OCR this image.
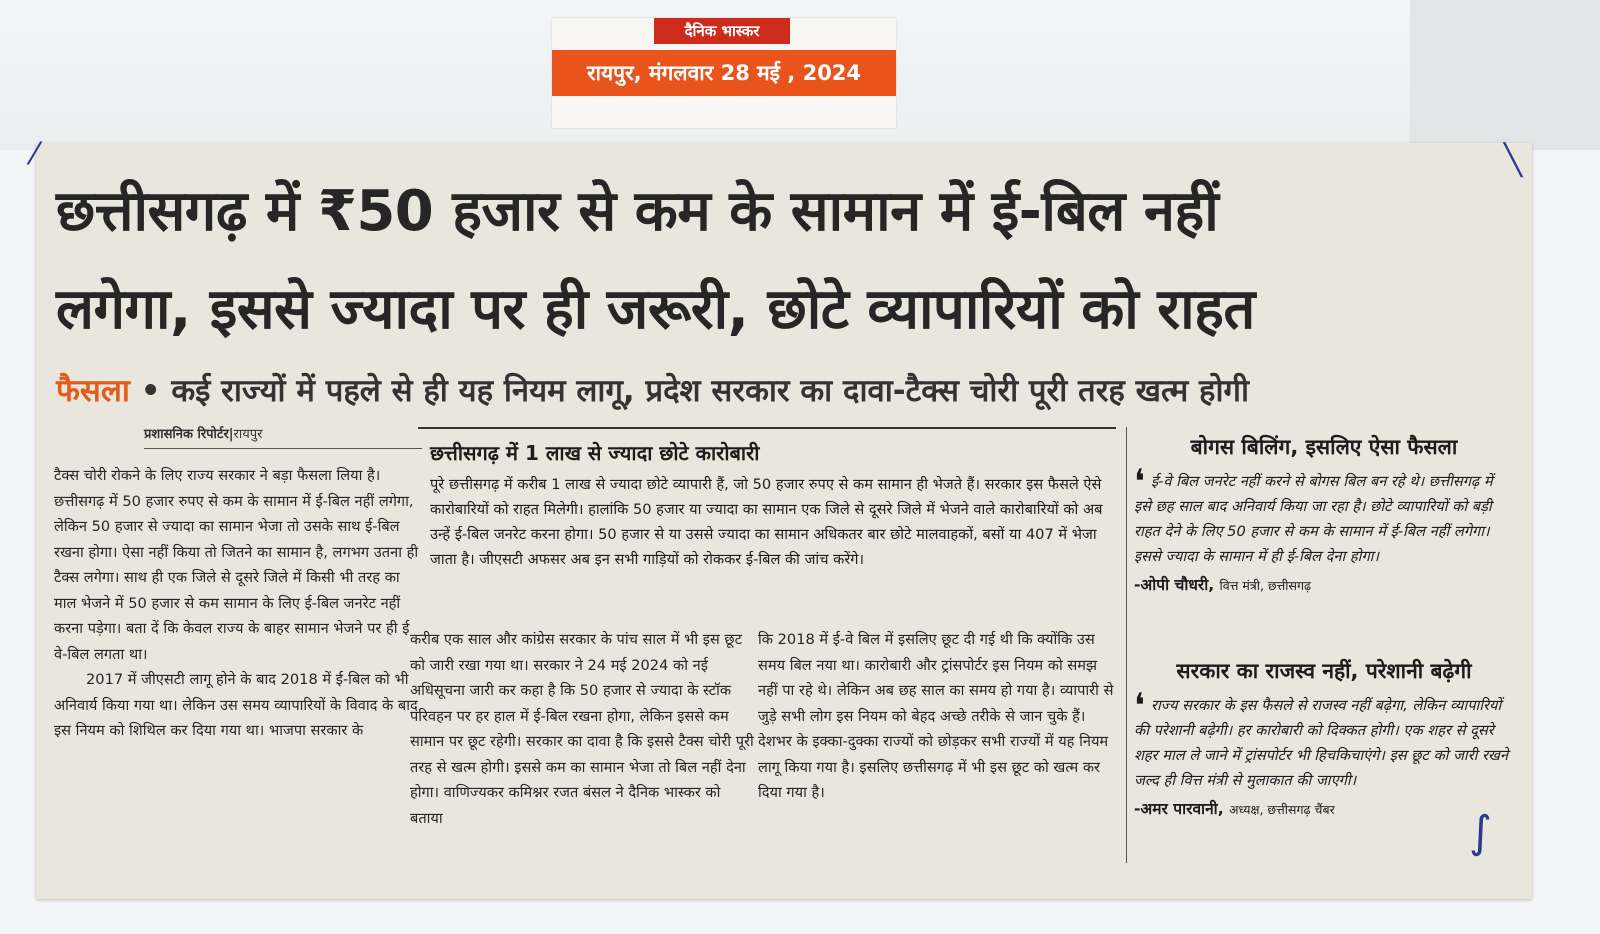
दैनिक भास्कर
रायपुर, मंगलवार 28 मई , 2024
⁄	╲
∫
छत्तीसगढ़ में ₹50 हजार से कम के सामान में ई-बिल नहीं
लगेगा, इससे ज्यादा पर ही जरूरी, छोटे व्यापारियों को राहत
फैसला • कई राज्यों में पहले से ही यह नियम लागू, प्रदेश सरकार का दावा-टैक्स चोरी पूरी तरह खत्म होगी
प्रशासनिक रिपोर्टर|रायपुर

टैक्स चोरी रोकने के लिए राज्य सरकार ने बड़ा फैसला लिया है। छत्तीसगढ़ में 50 हजार रुपए से कम के सामान में ई-बिल नहीं लगेगा, लेकिन 50 हजार से ज्यादा का सामान भेजा तो उसके साथ ई-बिल रखना होगा। ऐसा नहीं किया तो जितने का सामान है, लगभग उतना ही टैक्स लगेगा। साथ ही एक जिले से दूसरे जिले में किसी भी तरह का माल भेजने में 50 हजार से कम सामान के लिए ई-बिल जनरेट नहीं करना पड़ेगा। बता दें कि केवल राज्य के बाहर सामान भेजने पर ही ई वे-बिल लगता था।

2017 में जीएसटी लागू होने के बाद 2018 में ई-बिल को भी अनिवार्य किया गया था। लेकिन उस समय व्यापारियों के विवाद के बाद इस नियम को शिथिल कर दिया गया था। भाजपा सरकार के

छत्तीसगढ़ में 1 लाख से ज्यादा छोटे कारोबारी
पूरे छत्तीसगढ़ में करीब 1 लाख से ज्यादा छोटे व्यापारी हैं, जो 50 हजार रुपए से कम सामान ही भेजते हैं। सरकार इस फैसले ऐसे कारोबारियों को राहत मिलेगी। हालांकि 50 हजार या ज्यादा का सामान एक जिले से दूसरे जिले में भेजने वाले कारोबारियों को अब उन्हें ई-बिल जनरेट करना होगा। 50 हजार से या उससे ज्यादा का सामान अधिकतर बार छोटे मालवाहकों, बसों या 407 में भेजा जाता है। जीएसटी अफसर अब इन सभी गाड़ियों को रोककर ई-बिल की जांच करेंगे।

करीब एक साल और कांग्रेस सरकार के पांच साल में भी इस छूट को जारी रखा गया था। सरकार ने 24 मई 2024 को नई अधिसूचना जारी कर कहा है कि 50 हजार से ज्यादा के स्टॉक परिवहन पर हर हाल में ई-बिल रखना होगा, लेकिन इससे कम सामान पर छूट रहेगी। सरकार का दावा है कि इससे टैक्स चोरी पूरी तरह से खत्म होगी। इससे कम का सामान भेजा तो बिल नहीं देना होगा। वाणिज्यकर कमिश्नर रजत बंसल ने दैनिक भास्कर को बताया

कि 2018 में ई-वे बिल में इसलिए छूट दी गई थी कि क्योंकि उस समय बिल नया था। कारोबारी और ट्रांसपोर्टर इस नियम को समझ नहीं पा रहे थे। लेकिन अब छह साल का समय हो गया है। व्यापारी से जुड़े सभी लोग इस नियम को बेहद अच्छे तरीके से जान चुके हैं। देशभर के इक्का-दुक्का राज्यों को छोड़कर सभी राज्यों में यह नियम लागू किया गया है। इसलिए छत्तीसगढ़ में भी इस छूट को खत्म कर दिया गया है।

बोगस बिलिंग, इसलिए ऐसा फैसला
❛ ई-वे बिल जनरेट नहीं करने से बोगस बिल बन रहे थे। छत्तीसगढ़ में इसे छह साल बाद अनिवार्य किया जा रहा है। छोटे व्यापारियों को बड़ी राहत देने के लिए 50 हजार से कम के सामान में ई-बिल नहीं लगेगा। इससे ज्यादा के सामान में ही ई-बिल देना होगा।
-ओपी चौधरी, वित्त मंत्री, छत्तीसगढ़
सरकार का राजस्व नहीं, परेशानी बढ़ेगी
❛ राज्य सरकार के इस फैसले से राजस्व नहीं बढ़ेगा, लेकिन व्यापारियों की परेशानी बढ़ेगी। हर कारोबारी को दिक्कत होगी। एक शहर से दूसरे शहर माल ले जाने में ट्रांसपोर्टर भी हिचकिचाएंगे। इस छूट को जारी रखने जल्द ही वित्त मंत्री से मुलाकात की जाएगी।
-अमर पारवानी, अध्यक्ष, छत्तीसगढ़ चैंबर
